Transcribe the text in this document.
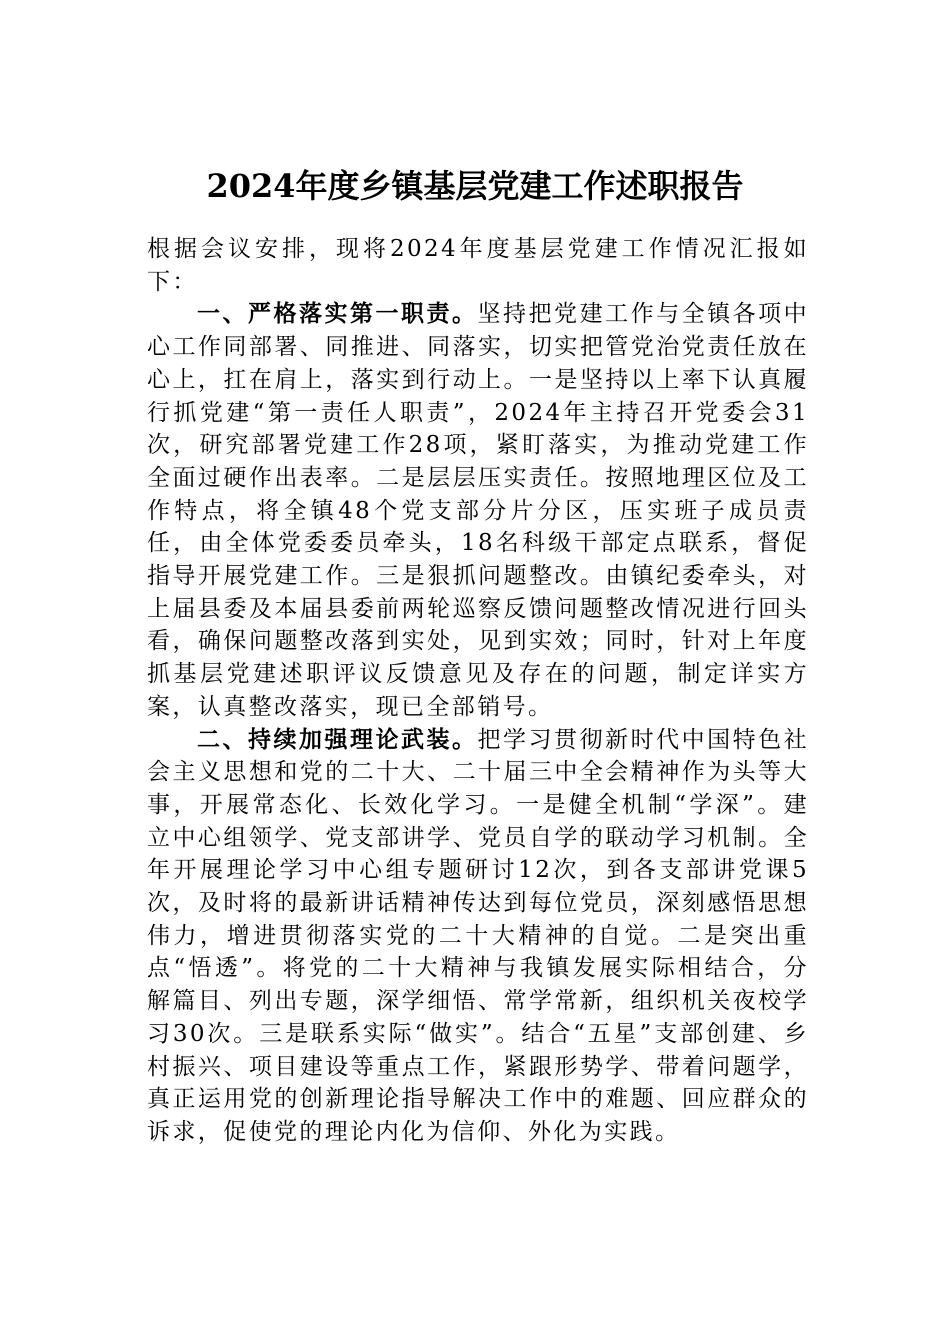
2024年度乡镇基层党建工作述职报告

根据会议安排，现将2024年度基层党建工作情况汇报如下：

一、严格落实第一职责。坚持把党建工作与全镇各项中心工作同部署、同推进、同落实，切实把管党治党责任放在心上，扛在肩上，落实到行动上。一是坚持以上率下认真履行抓党建“第一责任人职责”，2024年主持召开党委会31次，研究部署党建工作28项，紧盯落实，为推动党建工作全面过硬作出表率。二是层层压实责任。按照地理区位及工作特点，将全镇48个党支部分片分区，压实班子成员责任，由全体党委委员牵头，18名科级干部定点联系，督促指导开展党建工作。三是狠抓问题整改。由镇纪委牵头，对上届县委及本届县委前两轮巡察反馈问题整改情况进行回头看，确保问题整改落到实处，见到实效；同时，针对上年度抓基层党建述职评议反馈意见及存在的问题，制定详实方案，认真整改落实，现已全部销号。

二、持续加强理论武装。把学习贯彻新时代中国特色社会主义思想和党的二十大、二十届三中全会精神作为头等大事，开展常态化、长效化学习。一是健全机制“学深”。建立中心组领学、党支部讲学、党员自学的联动学习机制。全年开展理论学习中心组专题研讨12次，到各支部讲党课5次，及时将的最新讲话精神传达到每位党员，深刻感悟思想伟力，增进贯彻落实党的二十大精神的自觉。二是突出重点“悟透”。将党的二十大精神与我镇发展实际相结合，分解篇目、列出专题，深学细悟、常学常新，组织机关夜校学习30次。三是联系实际“做实”。结合“五星”支部创建、乡村振兴、项目建设等重点工作，紧跟形势学、带着问题学，真正运用党的创新理论指导解决工作中的难题、回应群众的诉求，促使党的理论内化为信仰、外化为实践。
